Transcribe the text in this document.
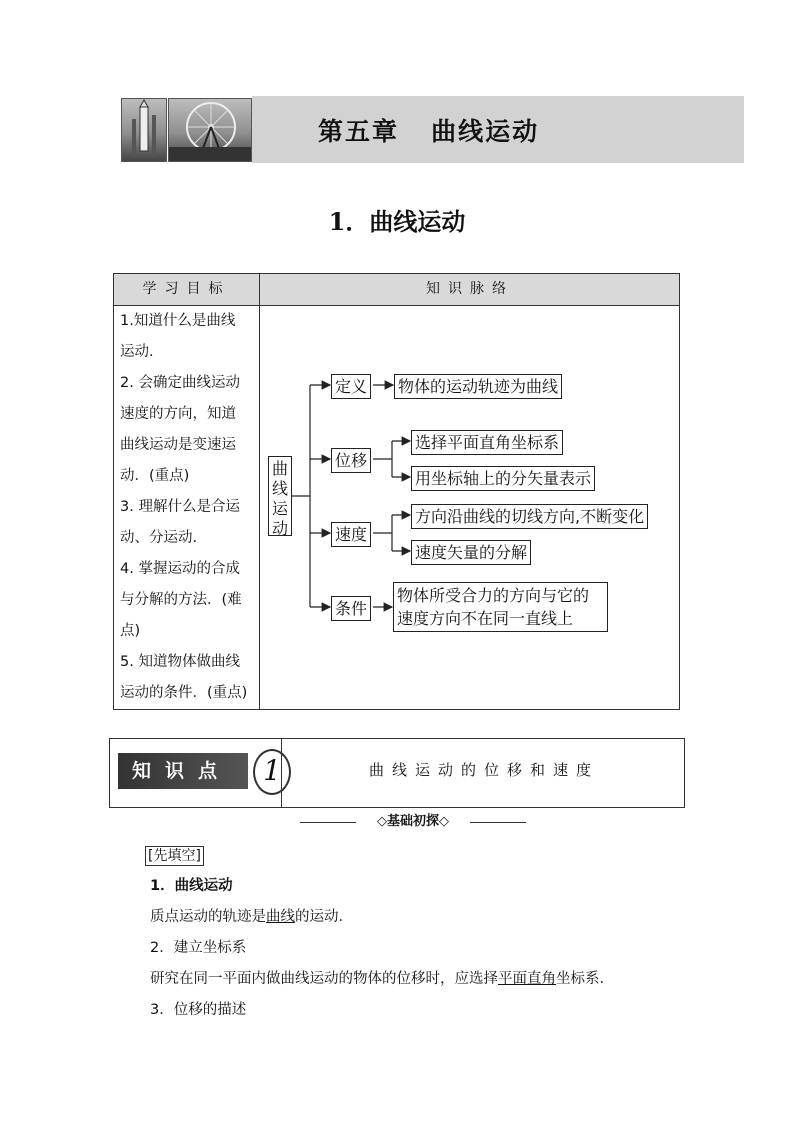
第五章   曲线运动
1．曲线运动
学习目标	知识脉络
1.知道什么是曲线
运动．
2. 会确定曲线运动
速度的方向，知道
曲线运动是变速运
动．(重点)
3. 理解什么是合运
动、分运动．
4. 掌握运动的合成
与分解的方法．(难
点)
5. 知道物体做曲线
运动的条件．(重点)
曲线运动
定义 物体的运动轨迹为曲线
位移
选择平面直角坐标系
用坐标轴上的分矢量表示
速度
方向沿曲线的切线方向,不断变化
速度矢量的分解
条件
物体所受合力的方向与它的
速度方向不在同一直线上
知识点	1	曲线运动的位移和速度
◇基础初探◇
[先填空]
1．曲线运动
质点运动的轨迹是曲线的运动．
2．建立坐标系
研究在同一平面内做曲线运动的物体的位移时，应选择平面直角坐标系．
3．位移的描述
